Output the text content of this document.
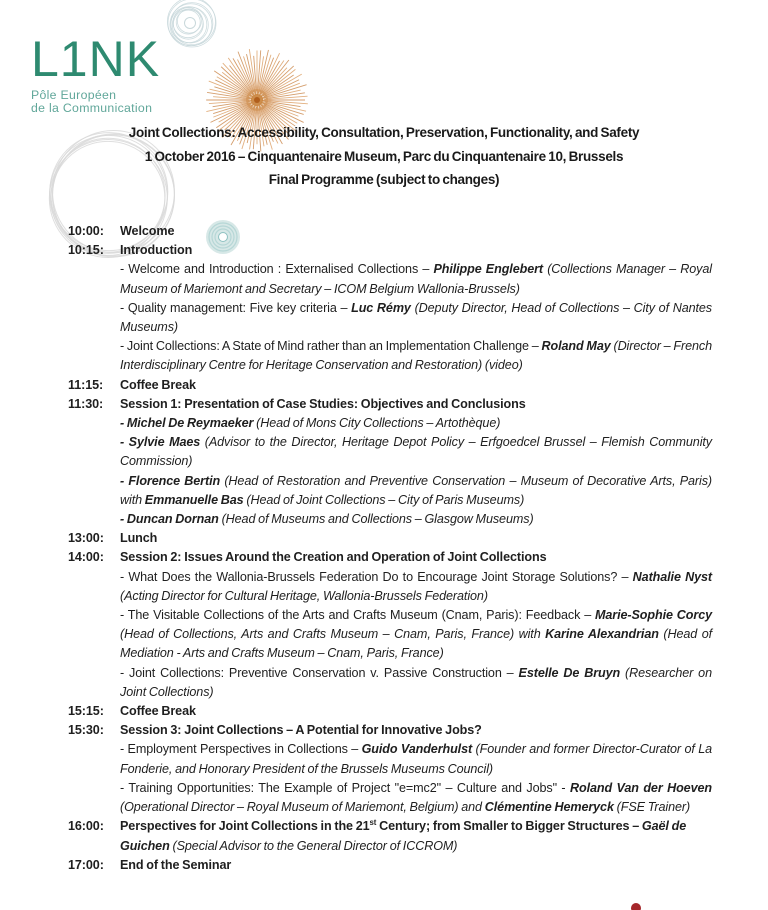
L1NK
Pôle Européen
de la Communication

Joint Collections: Accessibility, Consultation, Preservation, Functionality, and Safety

1 October 2016 – Cinquantenaire Museum, Parc du Cinquantenaire 10, Brussels

Final Programme (subject to changes)

10:00:	Welcome

10:15:	Introduction

- Welcome and Introduction : Externalised Collections – Philippe Englebert (Collections Manager – Royal Museum of Mariemont and Secretary – ICOM Belgium Wallonia-Brussels)

- Quality management: Five key criteria – Luc Rémy (Deputy Director, Head of Collections – City of Nantes Museums)

- Joint Collections: A State of Mind rather than an Implementation Challenge – Roland May (Director – French Interdisciplinary Centre for Heritage Conservation and Restoration) (video)

11:15:	Coffee Break

11:30:	Session 1: Presentation of Case Studies: Objectives and Conclusions

- Michel De Reymaeker (Head of Mons City Collections – Artothèque)

- Sylvie Maes (Advisor to the Director, Heritage Depot Policy – Erfgoedcel Brussel – Flemish Community Commission)

- Florence Bertin (Head of Restoration and Preventive Conservation – Museum of Decorative Arts, Paris) with Emmanuelle Bas (Head of Joint Collections – City of Paris Museums)

- Duncan Dornan (Head of Museums and Collections – Glasgow Museums)

13:00:	Lunch

14:00:	Session 2: Issues Around the Creation and Operation of Joint Collections

- What Does the Wallonia-Brussels Federation Do to Encourage Joint Storage Solutions? – Nathalie Nyst (Acting Director for Cultural Heritage, Wallonia-Brussels Federation)

- The Visitable Collections of the Arts and Crafts Museum (Cnam, Paris): Feedback – Marie-Sophie Corcy (Head of Collections, Arts and Crafts Museum – Cnam, Paris, France) with Karine Alexandrian (Head of Mediation - Arts and Crafts Museum – Cnam, Paris, France)

- Joint Collections: Preventive Conservation v. Passive Construction – Estelle De Bruyn (Researcher on Joint Collections)

15:15:	Coffee Break

15:30:	Session 3: Joint Collections – A Potential for Innovative Jobs?

- Employment Perspectives in Collections – Guido Vanderhulst (Founder and former Director-Curator of La Fonderie, and Honorary President of the Brussels Museums Council)

- Training Opportunities: The Example of Project "e=mc2" – Culture and Jobs" - Roland Van der Hoeven (Operational Director – Royal Museum of Mariemont, Belgium) and Clémentine Hemeryck (FSE Trainer)

16:00:	Perspectives for Joint Collections in the 21st Century; from Smaller to Bigger Structures – Gaël de Guichen (Special Advisor to the General Director of ICCROM)

17:00:	End of the Seminar
